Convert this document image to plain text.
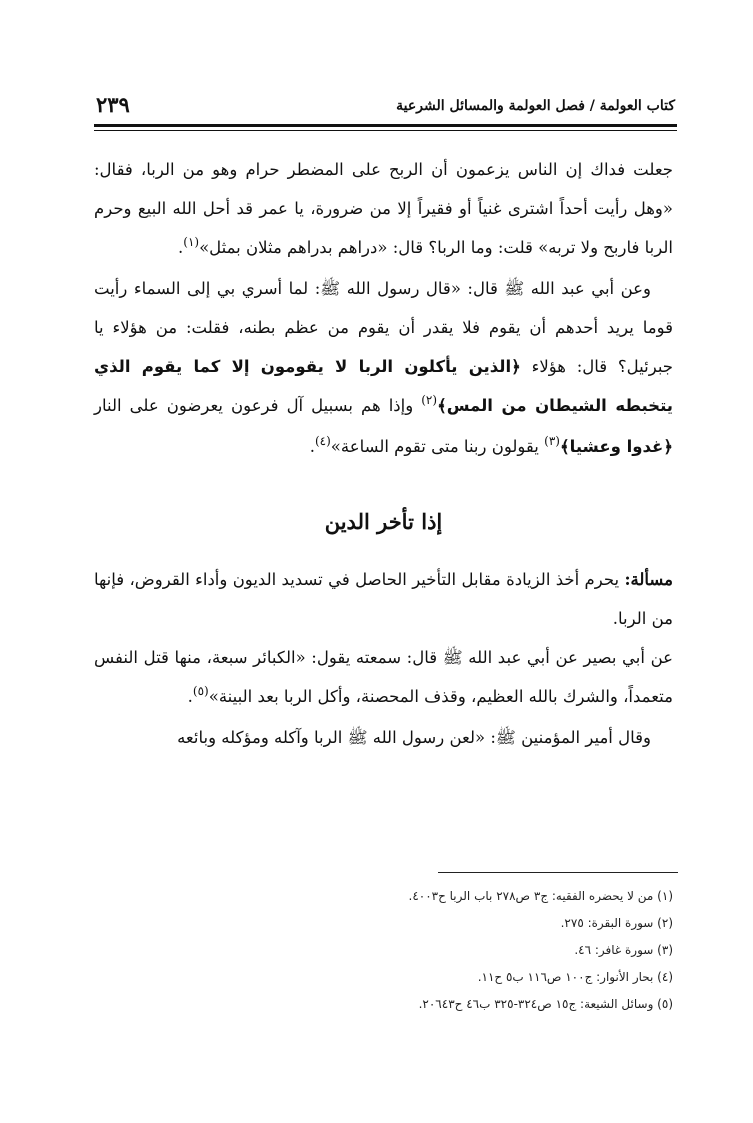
كتاب العولمة / فصل العولمة والمسائل الشرعية
٢٣٩

جعلت فداك إن الناس يزعمون أن الربح على المضطر حرام وهو من الربا، فقال: «وهل رأيت أحداً اشترى غنياً أو فقيراً إلا من ضرورة، يا عمر قد أحل الله البيع وحرم الربا فاربح ولا تربه» قلت: وما الربا؟ قال: «دراهم بدراهم مثلان بمثل»$^{(١)}$.

وعن أبي عبد الله ﷺ قال: «قال رسول الله ﷺ: لما أسري بي إلى السماء رأيت قوما يريد أحدهم أن يقوم فلا يقدر أن يقوم من عظم بطنه، فقلت: من هؤلاء يا جبرئيل؟ قال: هؤلاء ﴿الذين يأكلون الربا لا يقومون إلا كما يقوم الذي يتخبطه الشيطان من المس﴾$^{(٢)}$ وإذا هم بسبيل آل فرعون يعرضون على النار ﴿غدوا وعشيا﴾$^{(٣)}$ يقولون ربنا متى تقوم الساعة»$^{(٤)}$.

إذا تأخر الدين

مسألة: يحرم أخذ الزيادة مقابل التأخير الحاصل في تسديد الديون وأداء القروض، فإنها من الربا.

عن أبي بصير عن أبي عبد الله ﷺ قال: سمعته يقول: «الكبائر سبعة، منها قتل النفس متعمداً، والشرك بالله العظيم، وقذف المحصنة، وأكل الربا بعد البينة»$^{(٥)}$.

وقال أمير المؤمنين ﷺ: «لعن رسول الله ﷺ الربا وآكله ومؤكله وبائعه

(١) من لا يحضره الفقيه: ج٣ ص٢٧٨ باب الربا ح٤٠٠٣.
(٢) سورة البقرة: ٢٧٥.
(٣) سورة غافر: ٤٦.
(٤) بحار الأنوار: ج١٠٠ ص١١٦ ب٥ ح١١.
(٥) وسائل الشيعة: ج١٥ ص٣٢٤-٣٢٥ ب٤٦ ح٢٠٦٤٣.
